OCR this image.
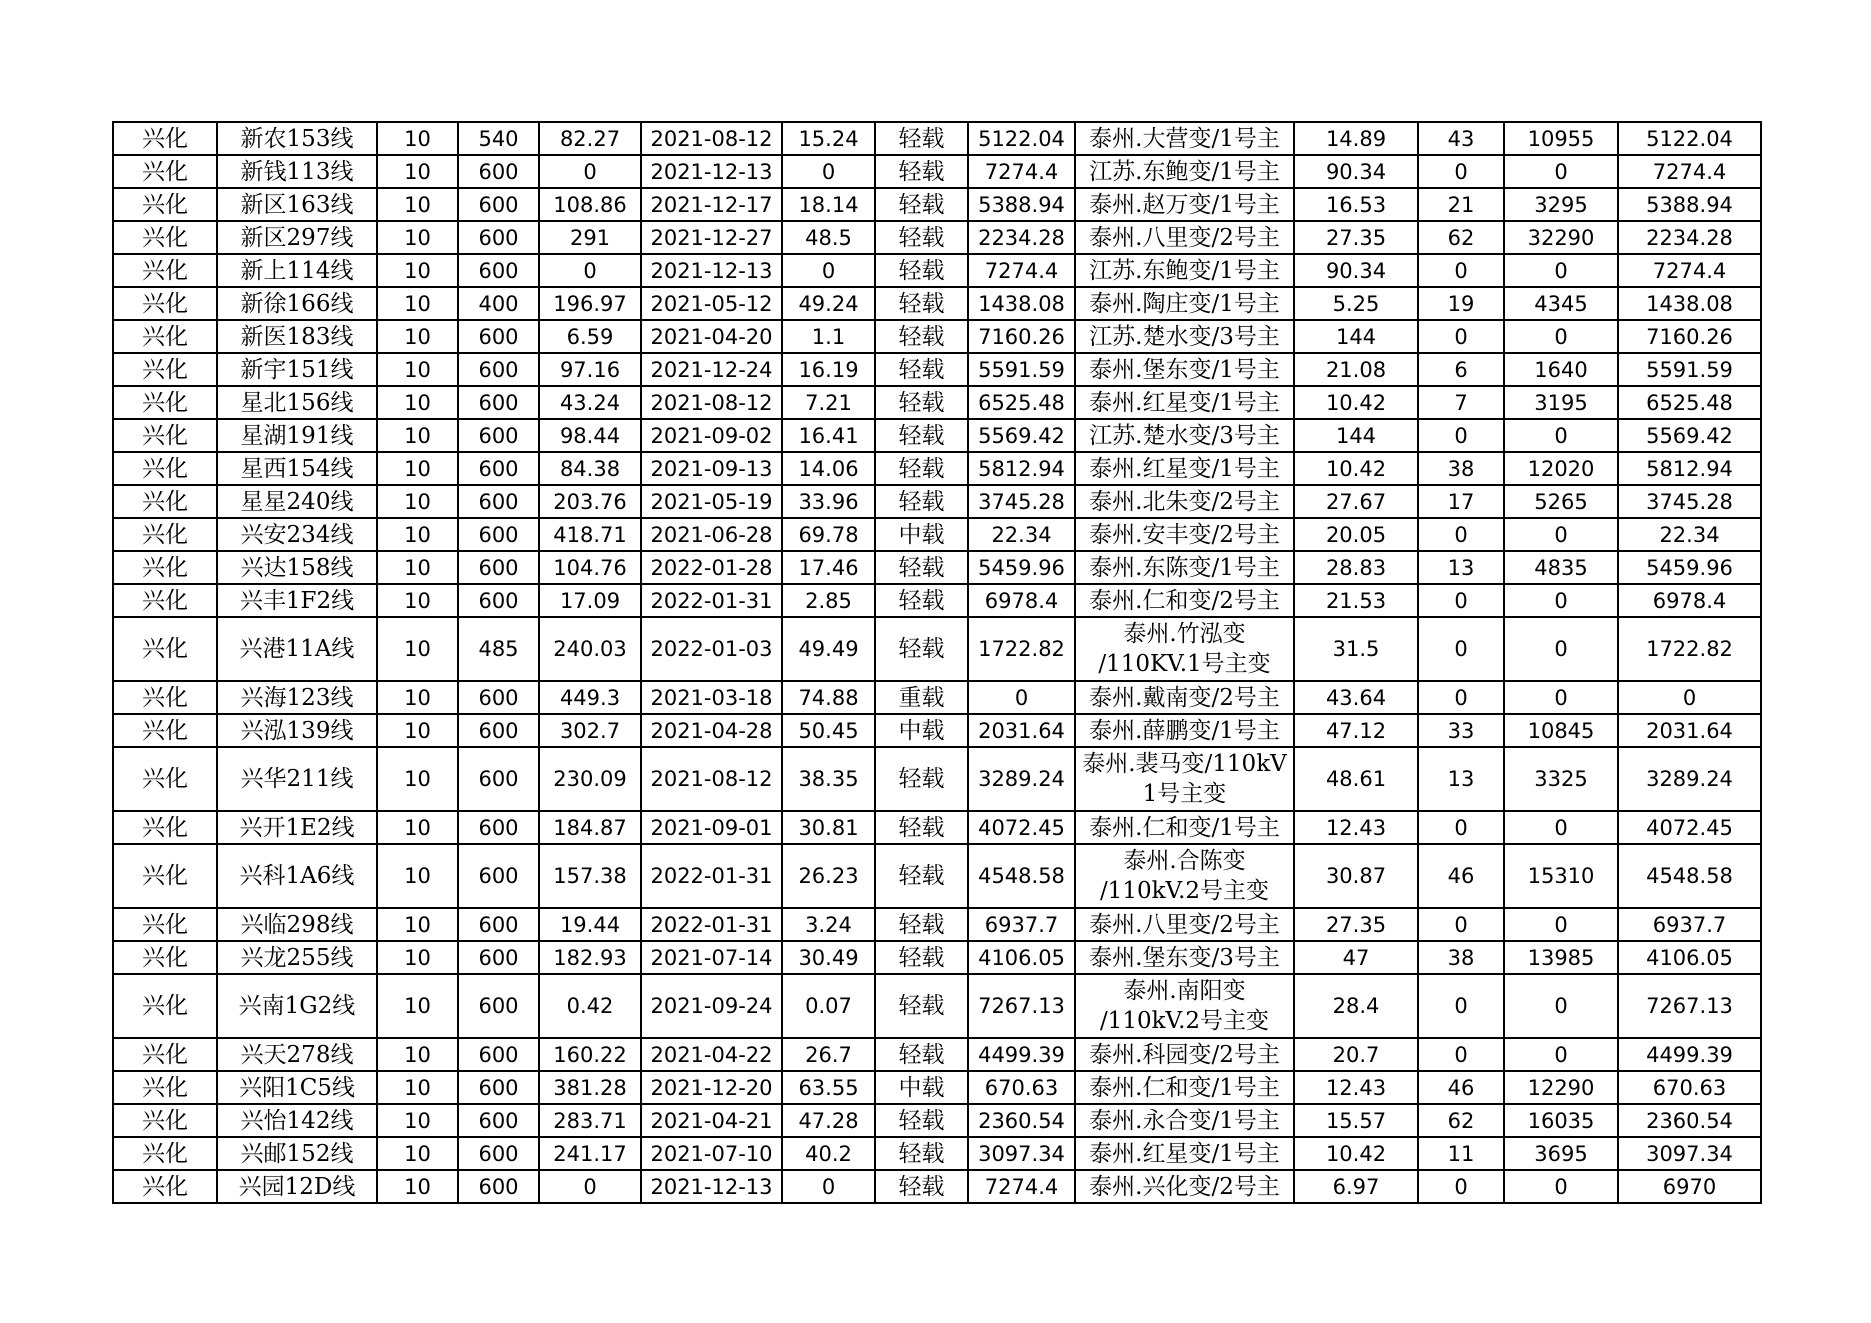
兴化	新农153线	10	540	82.27	2021-08-12	15.24	轻载	5122.04	泰州.大营变/1号主	14.89	43	10955	5122.04
兴化	新钱113线	10	600	0	2021-12-13	0	轻载	7274.4	江苏.东鲍变/1号主	90.34	0	0	7274.4
兴化	新区163线	10	600	108.86	2021-12-17	18.14	轻载	5388.94	泰州.赵万变/1号主	16.53	21	3295	5388.94
兴化	新区297线	10	600	291	2021-12-27	48.5	轻载	2234.28	泰州.八里变/2号主	27.35	62	32290	2234.28
兴化	新上114线	10	600	0	2021-12-13	0	轻载	7274.4	江苏.东鲍变/1号主	90.34	0	0	7274.4
兴化	新徐166线	10	400	196.97	2021-05-12	49.24	轻载	1438.08	泰州.陶庄变/1号主	5.25	19	4345	1438.08
兴化	新医183线	10	600	6.59	2021-04-20	1.1	轻载	7160.26	江苏.楚水变/3号主	144	0	0	7160.26
兴化	新宇151线	10	600	97.16	2021-12-24	16.19	轻载	5591.59	泰州.堡东变/1号主	21.08	6	1640	5591.59
兴化	星北156线	10	600	43.24	2021-08-12	7.21	轻载	6525.48	泰州.红星变/1号主	10.42	7	3195	6525.48
兴化	星湖191线	10	600	98.44	2021-09-02	16.41	轻载	5569.42	江苏.楚水变/3号主	144	0	0	5569.42
兴化	星西154线	10	600	84.38	2021-09-13	14.06	轻载	5812.94	泰州.红星变/1号主	10.42	38	12020	5812.94
兴化	星星240线	10	600	203.76	2021-05-19	33.96	轻载	3745.28	泰州.北朱变/2号主	27.67	17	5265	3745.28
兴化	兴安234线	10	600	418.71	2021-06-28	69.78	中载	22.34	泰州.安丰变/2号主	20.05	0	0	22.34
兴化	兴达158线	10	600	104.76	2022-01-28	17.46	轻载	5459.96	泰州.东陈变/1号主	28.83	13	4835	5459.96
兴化	兴丰1F2线	10	600	17.09	2022-01-31	2.85	轻载	6978.4	泰州.仁和变/2号主	21.53	0	0	6978.4
兴化	兴港11A线	10	485	240.03	2022-01-03	49.49	轻载	1722.82	泰州.竹泓变 /110KV.1号主变	31.5	0	0	1722.82
兴化	兴海123线	10	600	449.3	2021-03-18	74.88	重载	0	泰州.戴南变/2号主	43.64	0	0	0
兴化	兴泓139线	10	600	302.7	2021-04-28	50.45	中载	2031.64	泰州.薛鹏变/1号主	47.12	33	10845	2031.64
兴化	兴华211线	10	600	230.09	2021-08-12	38.35	轻载	3289.24	泰州.裴马变/110kV 1号主变	48.61	13	3325	3289.24
兴化	兴开1E2线	10	600	184.87	2021-09-01	30.81	轻载	4072.45	泰州.仁和变/1号主	12.43	0	0	4072.45
兴化	兴科1A6线	10	600	157.38	2022-01-31	26.23	轻载	4548.58	泰州.合陈变 /110kV.2号主变	30.87	46	15310	4548.58
兴化	兴临298线	10	600	19.44	2022-01-31	3.24	轻载	6937.7	泰州.八里变/2号主	27.35	0	0	6937.7
兴化	兴龙255线	10	600	182.93	2021-07-14	30.49	轻载	4106.05	泰州.堡东变/3号主	47	38	13985	4106.05
兴化	兴南1G2线	10	600	0.42	2021-09-24	0.07	轻载	7267.13	泰州.南阳变 /110kV.2号主变	28.4	0	0	7267.13
兴化	兴天278线	10	600	160.22	2021-04-22	26.7	轻载	4499.39	泰州.科园变/2号主	20.7	0	0	4499.39
兴化	兴阳1C5线	10	600	381.28	2021-12-20	63.55	中载	670.63	泰州.仁和变/1号主	12.43	46	12290	670.63
兴化	兴怡142线	10	600	283.71	2021-04-21	47.28	轻载	2360.54	泰州.永合变/1号主	15.57	62	16035	2360.54
兴化	兴邮152线	10	600	241.17	2021-07-10	40.2	轻载	3097.34	泰州.红星变/1号主	10.42	11	3695	3097.34
兴化	兴园12D线	10	600	0	2021-12-13	0	轻载	7274.4	泰州.兴化变/2号主	6.97	0	0	6970
